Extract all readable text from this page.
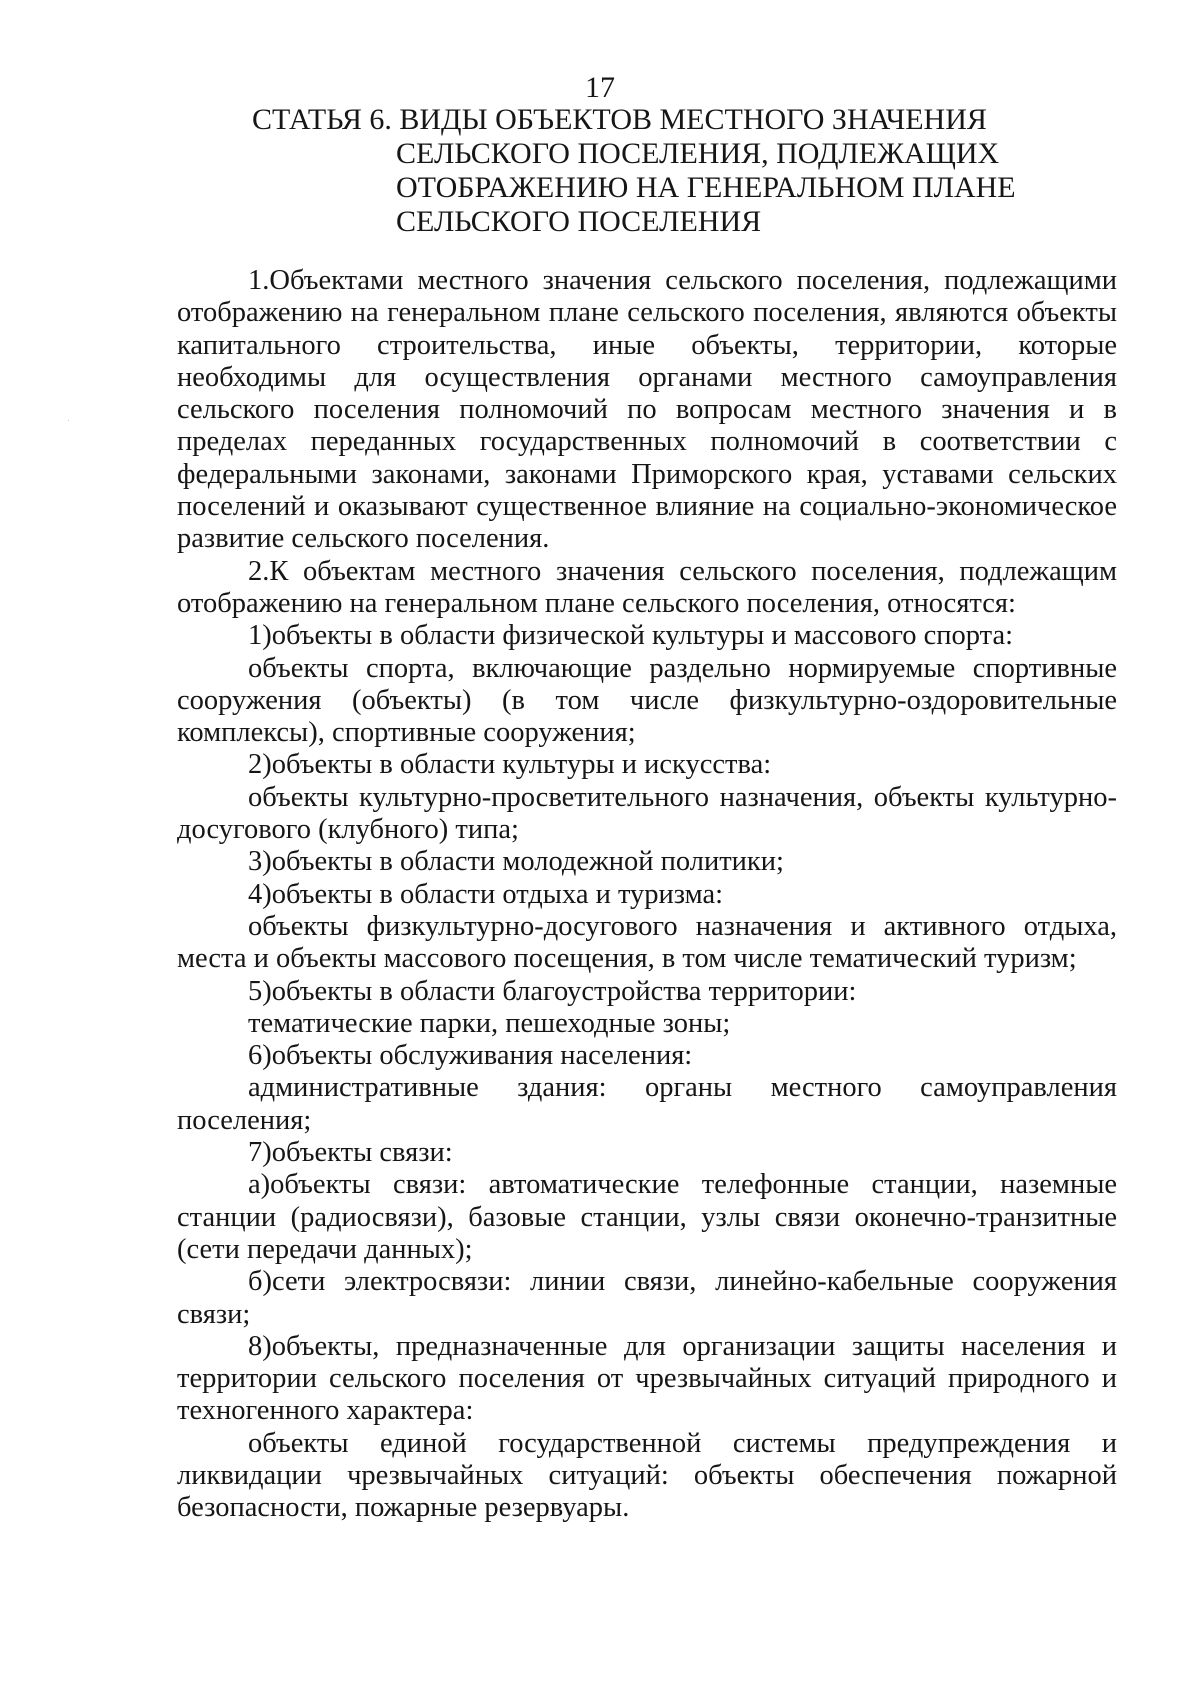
17
СТАТЬЯ 6. ВИДЫ ОБЪЕКТОВ МЕСТНОГО ЗНАЧЕНИЯ
СЕЛЬСКОГО ПОСЕЛЕНИЯ, ПОДЛЕЖАЩИХ
ОТОБРАЖЕНИЮ НА ГЕНЕРАЛЬНОМ ПЛАНЕ
СЕЛЬСКОГО ПОСЕЛЕНИЯ

1.Объектами местного значения сельского поселения, подлежащими отображению на генеральном плане сельского поселения, являются объекты капитального строительства, иные объекты, территории, которые необходимы для осуществления органами местного самоуправления сельского поселения полномочий по вопросам местного значения и в пределах переданных государственных полномочий в соответствии с федеральными законами, законами Приморского края, уставами сельских поселений и оказывают существенное влияние на социально-экономическое развитие сельского поселения.

2.К объектам местного значения сельского поселения, подлежащим отображению на генеральном плане сельского поселения, относятся:

1)объекты в области физической культуры и массового спорта:

объекты спорта, включающие раздельно нормируемые спортивные сооружения (объекты) (в том числе физкультурно-оздоровительные комплексы), спортивные сооружения;

2)объекты в области культуры и искусства:

объекты культурно-просветительного назначения, объекты культурно-досугового (клубного) типа;

3)объекты в области молодежной политики;

4)объекты в области отдыха и туризма:

объекты физкультурно-досугового назначения и активного отдыха, места и объекты массового посещения, в том числе тематический туризм;

5)объекты в области благоустройства территории:

тематические парки, пешеходные зоны;

6)объекты обслуживания населения:

административные здания: органы местного самоуправления поселения;

7)объекты связи:

а)объекты связи: автоматические телефонные станции, наземные станции (радиосвязи), базовые станции, узлы связи оконечно-транзитные (сети передачи данных);

б)сети электросвязи: линии связи, линейно-кабельные сооружения связи;

8)объекты, предназначенные для организации защиты населения и территории сельского поселения от чрезвычайных ситуаций природного и техногенного характера:

объекты единой государственной системы предупреждения и ликвидации чрезвычайных ситуаций: объекты обеспечения пожарной безопасности, пожарные резервуары.
